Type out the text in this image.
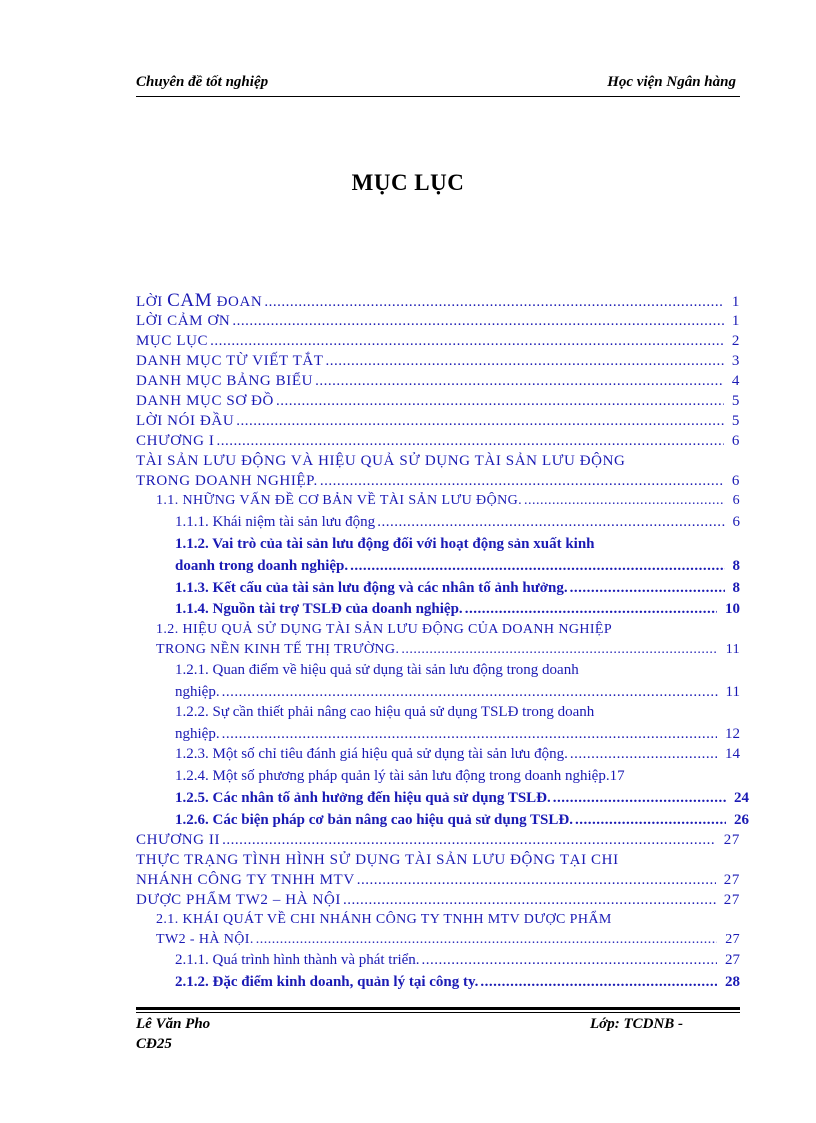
Chuyên đề tốt nghiệp	Học viện Ngân hàng
MỤC LỤC
LỜI CAM ĐOAN .....	1
LỜI CẢM ƠN .....	1
MỤC LỤC .....	2
DANH MỤC TỪ VIẾT TẮT .....	3
DANH MỤC BẢNG BIỂU .....	4
DANH MỤC SƠ ĐỒ .....	5
LỜI NÓI ĐẦU .....	5
CHƯƠNG I .....	6
TÀI SẢN LƯU ĐỘNG VÀ HIỆU QUẢ SỬ DỤNG TÀI SẢN LƯU ĐỘNG
TRONG DOANH NGHIỆP. .....	6
1.1. NHỮNG VẤN ĐỀ CƠ BẢN VỀ TÀI SẢN LƯU ĐỘNG. .....	6
1.1.1. Khái niệm tài sản lưu động .....	6
1.1.2. Vai trò của tài sản lưu động đối với hoạt động sản xuất kinh
doanh trong doanh nghiệp. .....	8
1.1.3. Kết cấu của tài sản lưu động và các nhân tố ảnh hưởng. .....	8
1.1.4. Nguồn tài trợ TSLĐ của doanh nghiệp. .....	10
1.2. HIỆU QUẢ SỬ DỤNG TÀI SẢN LƯU ĐỘNG CỦA DOANH NGHIỆP
TRONG NỀN KINH TẾ THỊ TRƯỜNG. .....	11
1.2.1. Quan điểm về hiệu quả sử dụng tài sản lưu động trong doanh
nghiệp. .....	11
1.2.2. Sự cần thiết phải nâng cao hiệu quả sử dụng TSLĐ trong doanh
nghiệp. .....	12
1.2.3. Một số chỉ tiêu đánh giá hiệu quả sử dụng tài sản lưu động. .....	14
1.2.4. Một số phương pháp quản lý tài sản lưu động trong doanh nghiệp. 17
1.2.5. Các nhân tố ảnh hưởng đến hiệu quả sử dụng TSLĐ. .....	24
1.2.6. Các biện pháp cơ bản nâng cao hiệu quả sử dụng TSLĐ. .....	26
CHƯƠNG II .....	27
THỰC TRẠNG TÌNH HÌNH SỬ DỤNG TÀI SẢN LƯU ĐỘNG TẠI CHI
NHÁNH CÔNG TY TNHH MTV .....	27
DƯỢC PHẨM TW2 – HÀ NỘI .....	27
2.1. KHÁI QUÁT VỀ CHI NHÁNH CÔNG TY TNHH MTV DƯỢC PHẨM
TW2 - HÀ NỘI. .....	27
2.1.1. Quá trình hình thành và phát triển. .....	27
2.1.2. Đặc điểm kinh doanh, quản lý tại công ty. .....	28
Lê Văn Pho	Lớp: TCDNB -
CĐ25
